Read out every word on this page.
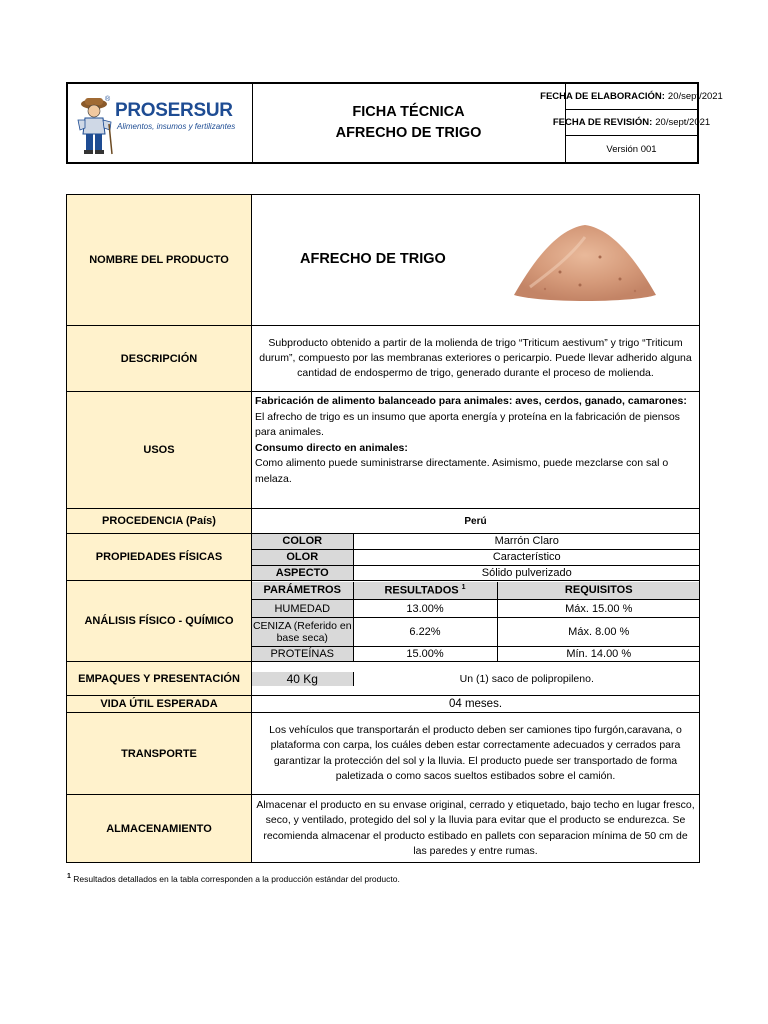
®
PROSERSUR
Alimentos, insumos y fertilizantes
FICHA TÉCNICA
AFRECHO DE TRIGO
FECHA DE ELABORACIÓN: 20/sept/2021
FECHA DE REVISIÓN: 20/sept/2021
Versión 001
NOMBRE DEL PRODUCTO	AFRECHO DE TRIGO

DESCRIPCIÓN	Subproducto obtenido a partir de la molienda de trigo “Triticum aestivum” y trigo “Triticum durum”, compuesto por las membranas exteriores o pericarpio. Puede llevar adherido alguna cantidad de endospermo de trigo, generado durante el proceso de molienda.
USOS	Fabricación de alimento balanceado para animales: aves, cerdos, ganado, camarones:
El afrecho de trigo es un insumo que aporta energía y proteína en la fabricación de piensos para animales.
Consumo directo en animales:
Como alimento puede suministrarse directamente. Asimismo, puede mezclarse con sal o melaza.
PROCEDENCIA (País)	Perú
PROPIEDADES FÍSICAS	
COLOR	Marrón Claro
OLOR	Característico
ASPECTO	Sólido pulverizado

ANÁLISIS FÍSICO - QUÍMICO	
PARÁMETROS	RESULTADOS $^1$	REQUISITOS
HUMEDAD	13.00%	Máx. 15.00 %
CENIZA (Referido en base seca)	6.22%	Máx. 8.00 %
PROTEÍNAS	15.00%	Mín. 14.00 %

EMPAQUES Y PRESENTACIÓN		40 Kg	Un (1) saco de polipropileno.

VIDA ÚTIL ESPERADA	04 meses.
TRANSPORTE	Los vehículos que transportarán el producto deben ser camiones tipo furgón,caravana, o plataforma con carpa, los cuáles deben estar correctamente adecuados y cerrados para garantizar la protección del sol y la lluvia. El producto puede ser transportado de forma paletizada o como sacos sueltos estibados sobre el camión.
ALMACENAMIENTO	Almacenar el producto en su envase original, cerrado y etiquetado, bajo techo en lugar fresco, seco, y ventilado, protegido del sol y la lluvia para evitar que el producto se endurezca. Se recomienda almacenar el producto estibado en pallets con separacion mínima de 50 cm de las paredes y entre rumas.
$^1$ Resultados detallados en la tabla corresponden a la producción estándar del producto.
